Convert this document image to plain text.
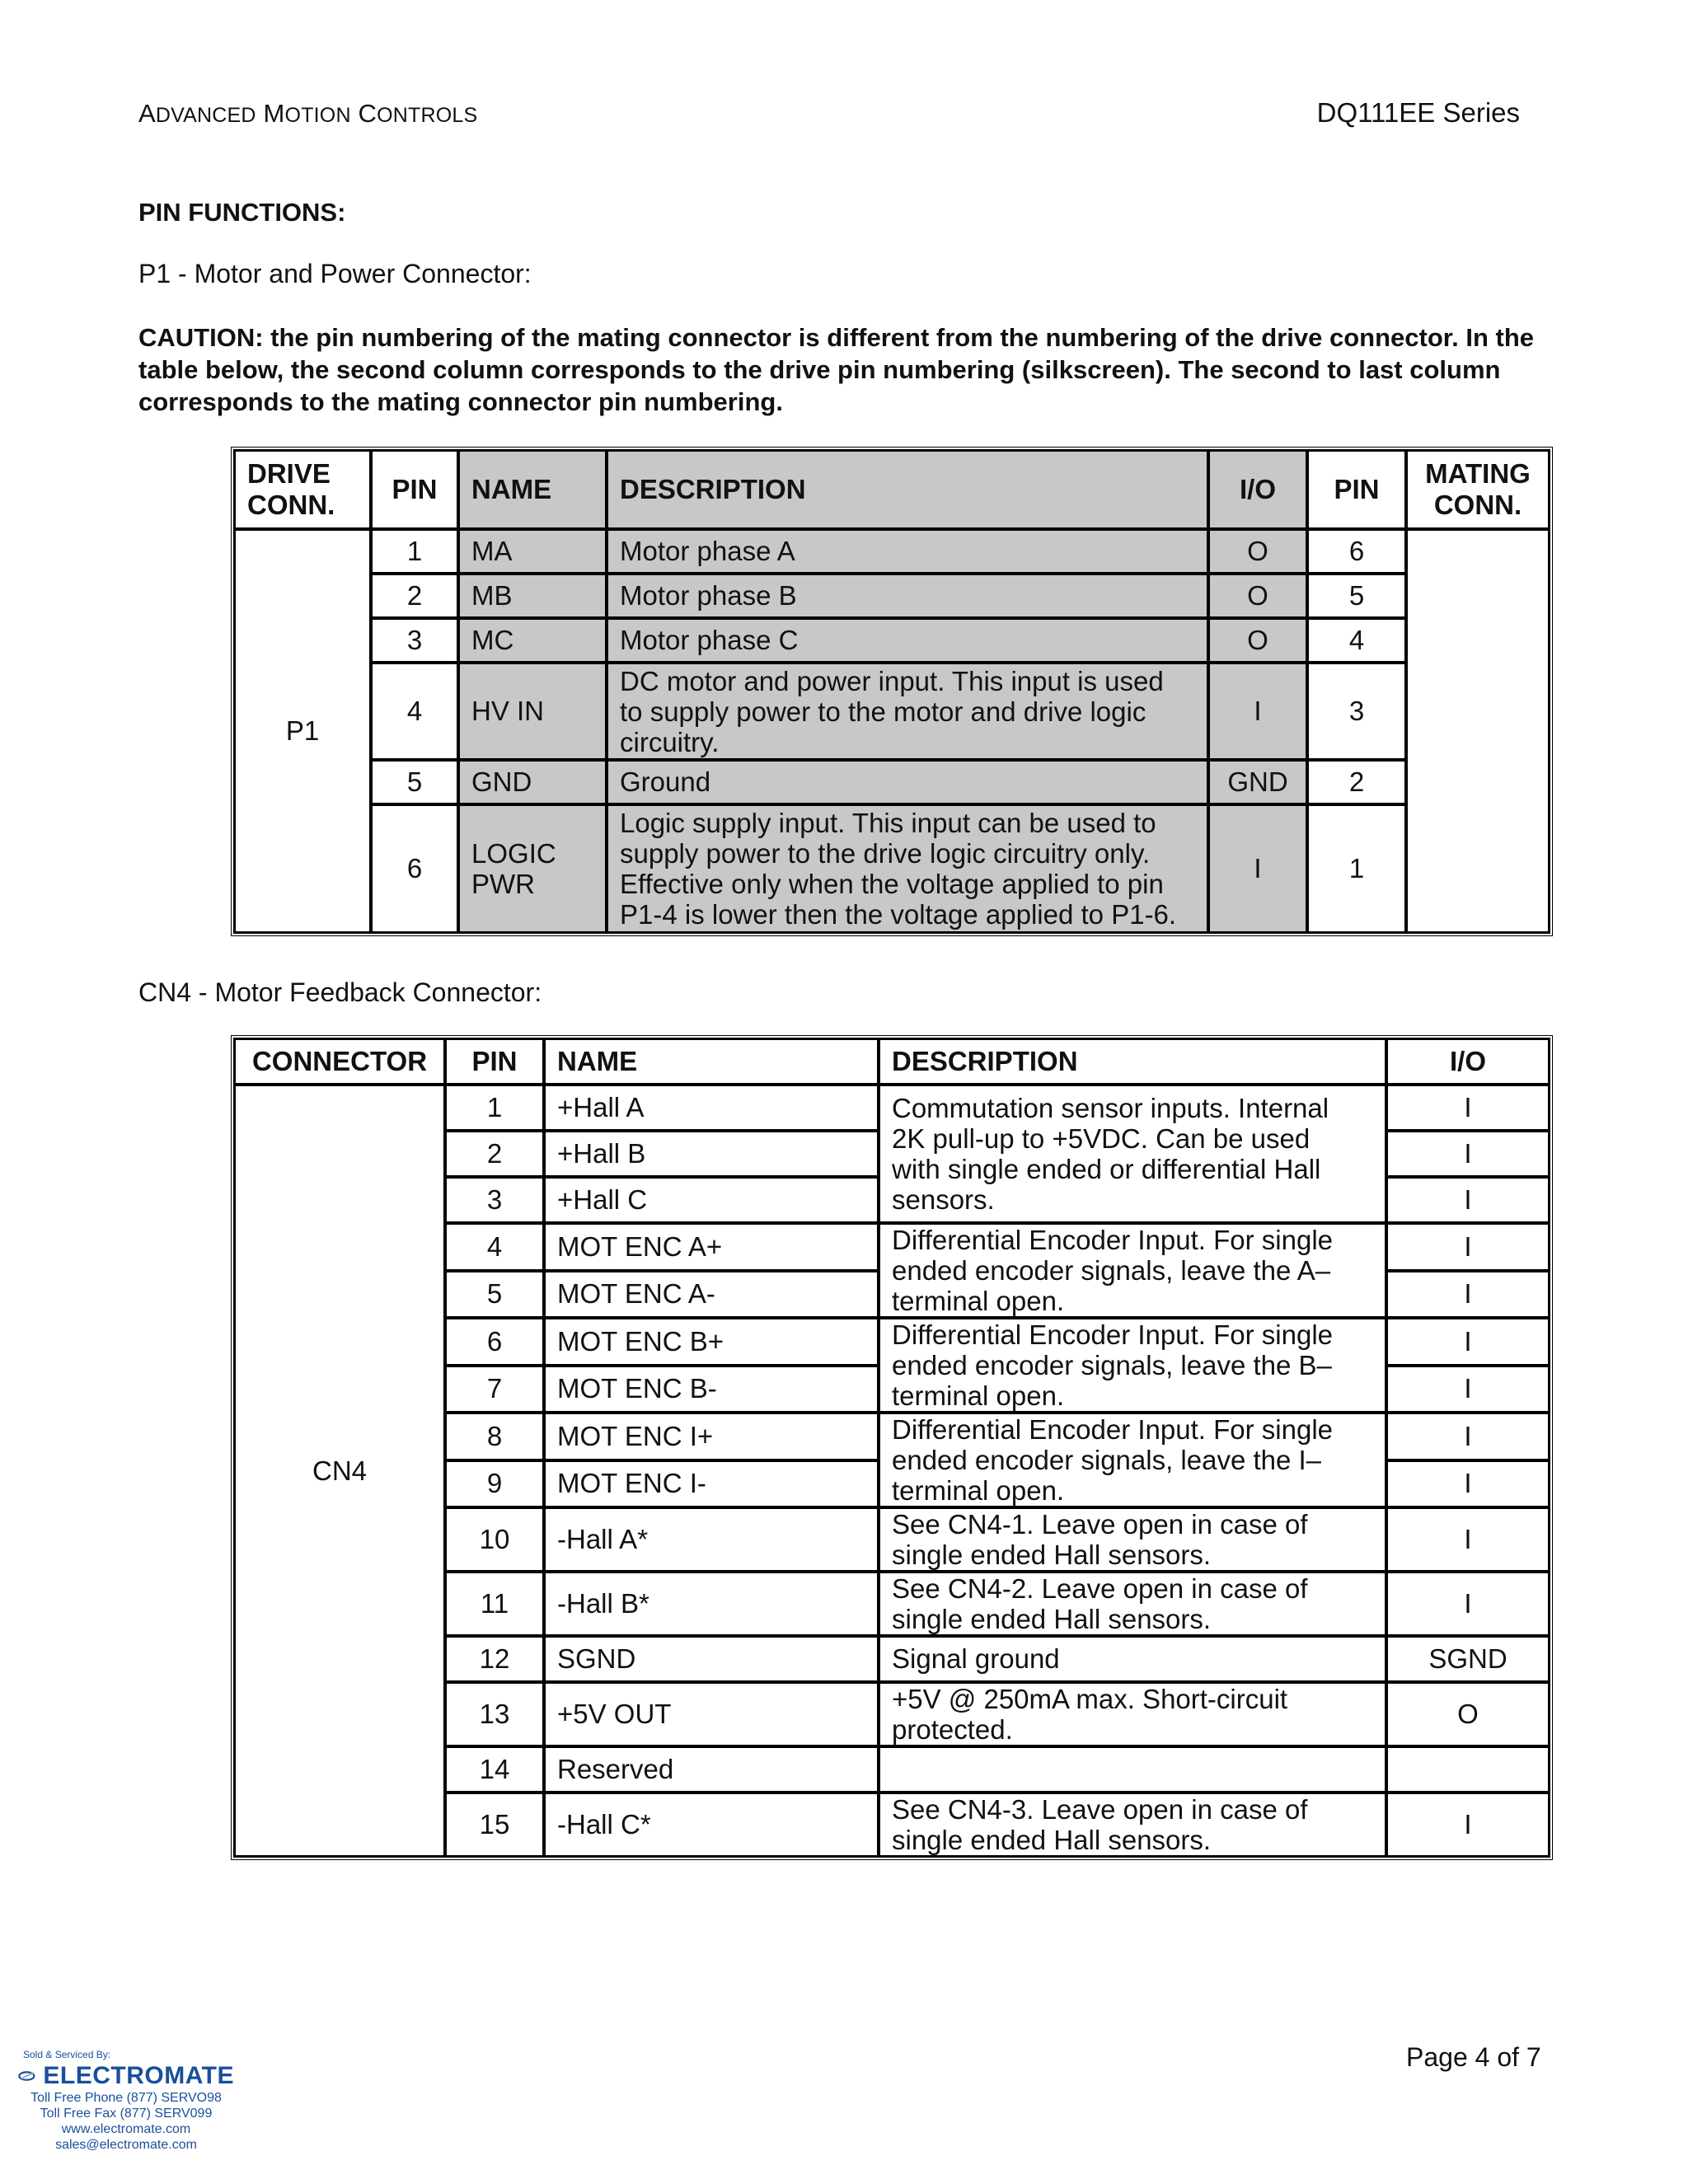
ADVANCED MOTION CONTROLS	DQ111EE Series
PIN FUNCTIONS:
P1 - Motor and Power Connector:
CAUTION: the pin numbering of the mating connector is different from the numbering of the drive connector. In the table below, the second column corresponds to the drive pin numbering (silkscreen). The second to last column corresponds to the mating connector pin numbering.
DRIVE
CONN.	PIN	NAME	DESCRIPTION	I/O	PIN	MATING
CONN.
P1	1	MA	Motor phase A	O	6	
	2	MB	Motor phase B	O	5	
	3	MC	Motor phase C	O	4	
	4	HV IN	DC motor and power input. This input is used
to supply power to the motor and drive logic
circuitry.	I	3	
	5	GND	Ground	GND	2	
	6	LOGIC
PWR	Logic supply input. This input can be used to
supply power to the drive logic circuitry only.
Effective only when the voltage applied to pin
P1-4 is lower then the voltage applied to P1-6.	I	1	
CN4 - Motor Feedback Connector:
CONNECTOR	PIN	NAME	DESCRIPTION	I/O
CN4	1	+Hall A	Commutation sensor inputs. Internal
2K pull-up to +5VDC. Can be used
with single ended or differential Hall
sensors.	I
	2	+Hall B		I
	3	+Hall C		I
	4	MOT ENC A+	Differential Encoder Input. For single
ended encoder signals, leave the A–
terminal open.	I
	5	MOT ENC A-		I
	6	MOT ENC B+	Differential Encoder Input. For single
ended encoder signals, leave the B–
terminal open.	I
	7	MOT ENC B-		I
	8	MOT ENC I+	Differential Encoder Input. For single
ended encoder signals, leave the I–
terminal open.	I
	9	MOT ENC I-		I
	10	-Hall A*	See CN4-1. Leave open in case of
single ended Hall sensors.	I
	11	-Hall B*	See CN4-2. Leave open in case of
single ended Hall sensors.	I
	12	SGND	Signal ground	SGND
	13	+5V OUT	+5V @ 250mA max. Short-circuit
protected.	O
	14	Reserved		
	15	-Hall C*	See CN4-3. Leave open in case of
single ended Hall sensors.	I
Page 4 of 7
Sold & Serviced By:
ELECTROMATE
Toll Free Phone (877) SERVO98
Toll Free Fax (877) SERV099
www.electromate.com
sales@electromate.com
